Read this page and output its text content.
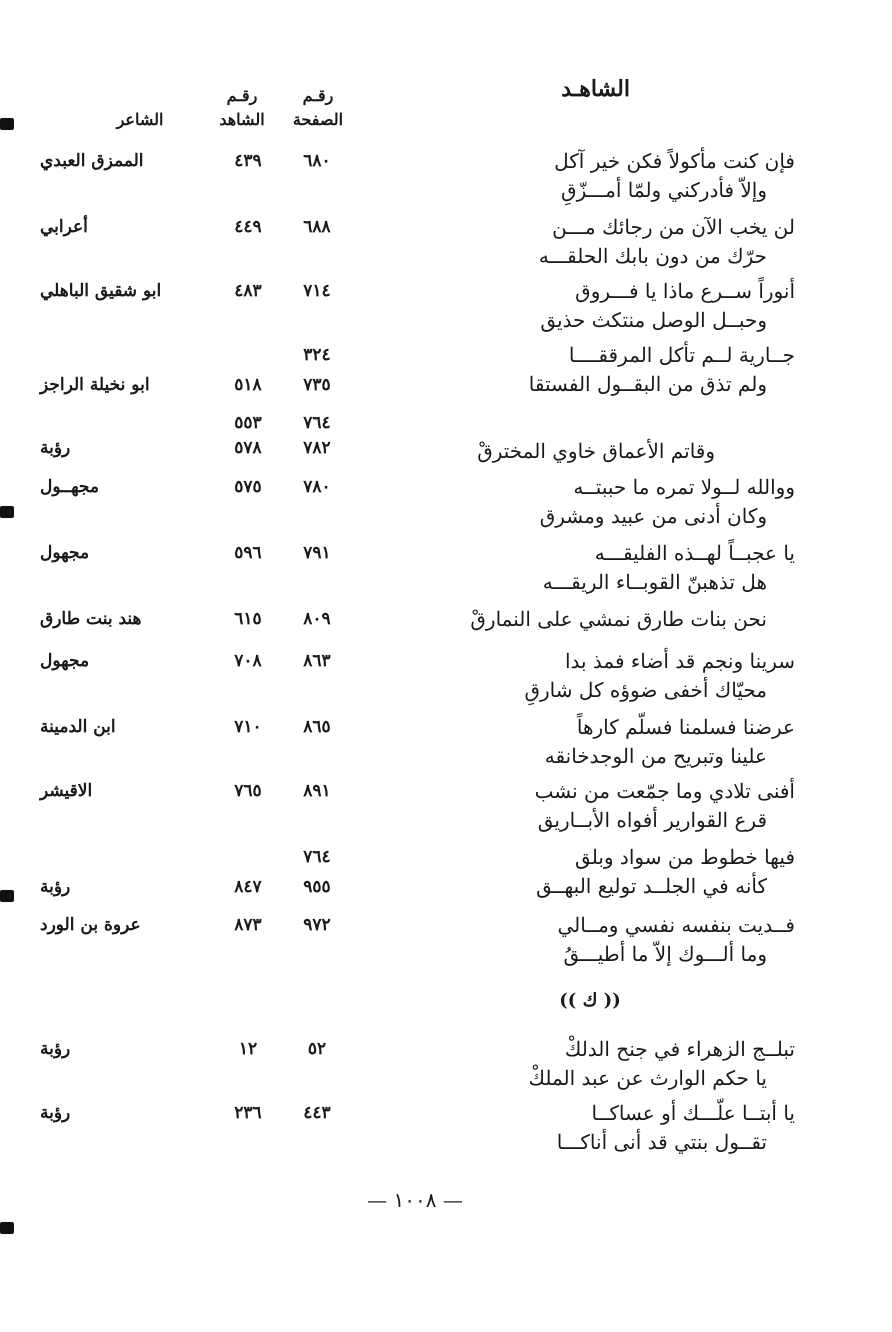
الشاهـد
رقـم
الصفحة
رقـم
الشاهد
الشاعر
فإن كنت مأكولاً فكن خير آكل
وإلاّ فأدركني ولمّا أمـــزّقِ
٦٨٠
٤٣٩
الممزق العبدي
لن يخب الآن من رجائك مـــن
حرّك من دون بابك الحلقـــه
٦٨٨
٤٤٩
أعرابي
أنوراً ســرع ماذا يا فـــروق
وحبــل الوصل منتكث حذيق
٧١٤
٤٨٣
ابو شقيق الباهلي
جــارية لــم تأكل المرققــــا
ولم تذق من البقــول الفستقا
٣٢٤
٧٣٥
٥١٨
ابو نخيلة الراجز
وقاتم الأعماق خاوي المخترقْ
٧٦٤
٥٥٣
٧٨٢
٥٧٨
رؤبة
ووالله لــولا تمره ما حببتــه
وكان أدنى من عبيد ومشرق
٧٨٠
٥٧٥
مجهــول
يا عجبــاً لهــذه الفليقـــه
هل تذهبنّ القوبــاء الريقـــه
٧٩١
٥٩٦
مجهول
نحن بنات طارق نمشي على النمارقْ
٨٠٩
٦١٥
هند بنت طارق
سرينا ونجم قد أضاء فمذ بدا
محيّاك أخفى ضوؤه كل شارقِ
٨٦٣
٧٠٨
مجهول
عرضنا فسلمنا فسلّم كارهاً
علينا وتبريح من الوجدخانقه
٨٦٥
٧١٠
ابن الدمينة
أفنى تلادي وما جمّعت من نشب
قرع القوارير أفواه الأبــاريق
٨٩١
٧٦٥
الاقيشر
فيها خطوط من سواد وبلق
كأنه في الجلــد توليع البهــق
٧٦٤
٩٥٥
٨٤٧
رؤبة
فــديت بنفسه نفسي ومــالي
وما ألـــوك إلاّ ما أطيـــقُ
٩٧٢
٨٧٣
عروة بن الورد
(( ك ))
تبلــج الزهراء في جنح الدلكْ
يا حكم الوارث عن عبد الملكْ
٥٢
١٢
رؤبة
يا أبتــا علّـــك أو عساكــا
تقــول بنتي قد أنى أناكـــا
٤٤٣
٢٣٦
رؤبة
— ١٠٠٨ —
